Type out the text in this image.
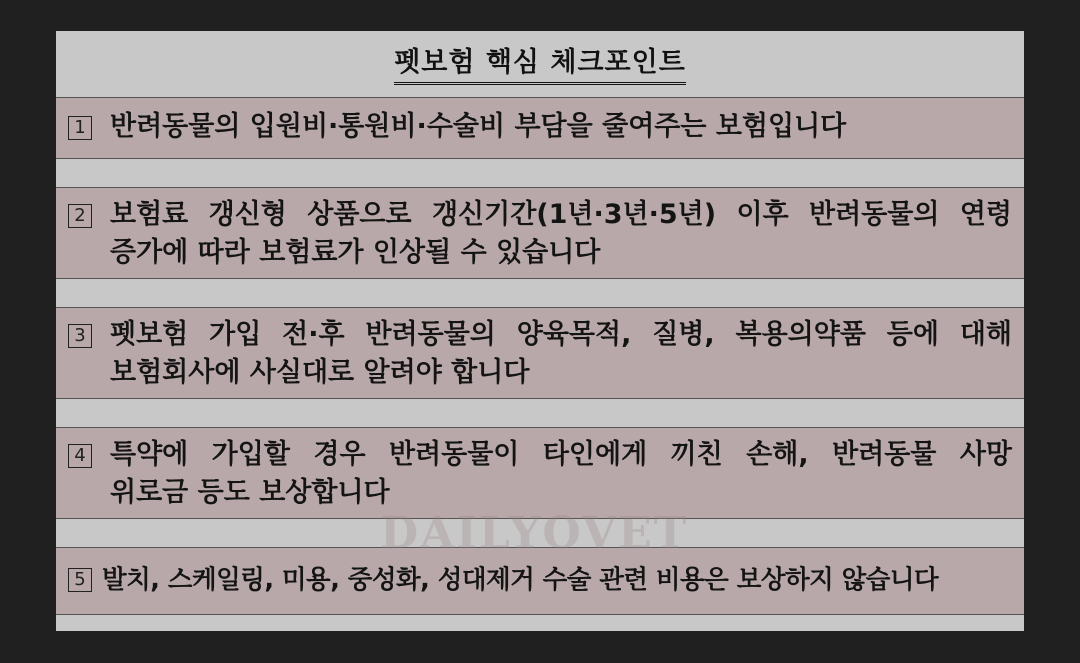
펫보험 핵심 체크포인트
1 반려동물의 입원비·통원비·수술비 부담을 줄여주는 보험입니다
2 보험료 갱신형 상품으로 갱신기간(1년·3년·5년) 이후 반려동물의 연령
증가에 따라 보험료가 인상될 수 있습니다
3 펫보험 가입 전·후 반려동물의 양육목적, 질병, 복용의약품 등에 대해
보험회사에 사실대로 알려야 합니다
4 특약에 가입할 경우 반려동물이 타인에게 끼친 손해, 반려동물 사망
위로금 등도 보상합니다
5 발치, 스케일링, 미용, 중성화, 성대제거 수술 관련 비용은 보상하지 않습니다
DAILYOVET
